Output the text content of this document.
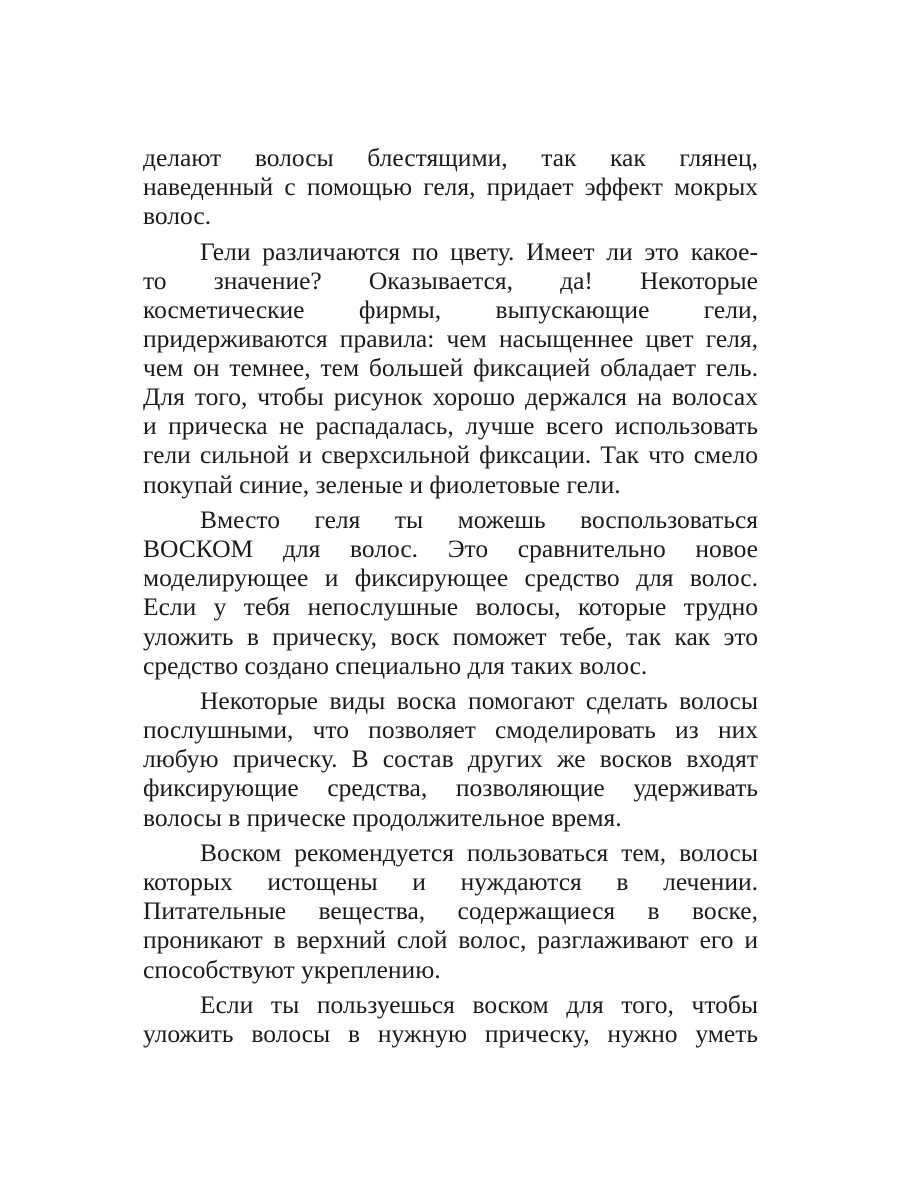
делают волосы блестящими, так как глянец,
наведенный с помощью геля, придает эффект мокрых
волос.
Гели различаются по цвету. Имеет ли это какое-
то значение? Оказывается, да! Некоторые
косметические фирмы, выпускающие гели,
придерживаются правила: чем насыщеннее цвет геля,
чем он темнее, тем большей фиксацией обладает гель.
Для того, чтобы рисунок хорошо держался на волосах
и прическа не распадалась, лучше всего использовать
гели сильной и сверхсильной фиксации. Так что смело
покупай синие, зеленые и фиолетовые гели.
Вместо геля ты можешь воспользоваться
ВОСКОМ для волос. Это сравнительно новое
моделирующее и фиксирующее средство для волос.
Если у тебя непослушные волосы, которые трудно
уложить в прическу, воск поможет тебе, так как это
средство создано специально для таких волос.
Некоторые виды воска помогают сделать волосы
послушными, что позволяет смоделировать из них
любую прическу. В состав других же восков входят
фиксирующие средства, позволяющие удерживать
волосы в прическе продолжительное время.
Воском рекомендуется пользоваться тем, волосы
которых истощены и нуждаются в лечении.
Питательные вещества, содержащиеся в воске,
проникают в верхний слой волос, разглаживают его и
способствуют укреплению.
Если ты пользуешься воском для того, чтобы
уложить волосы в нужную прическу, нужно уметь
